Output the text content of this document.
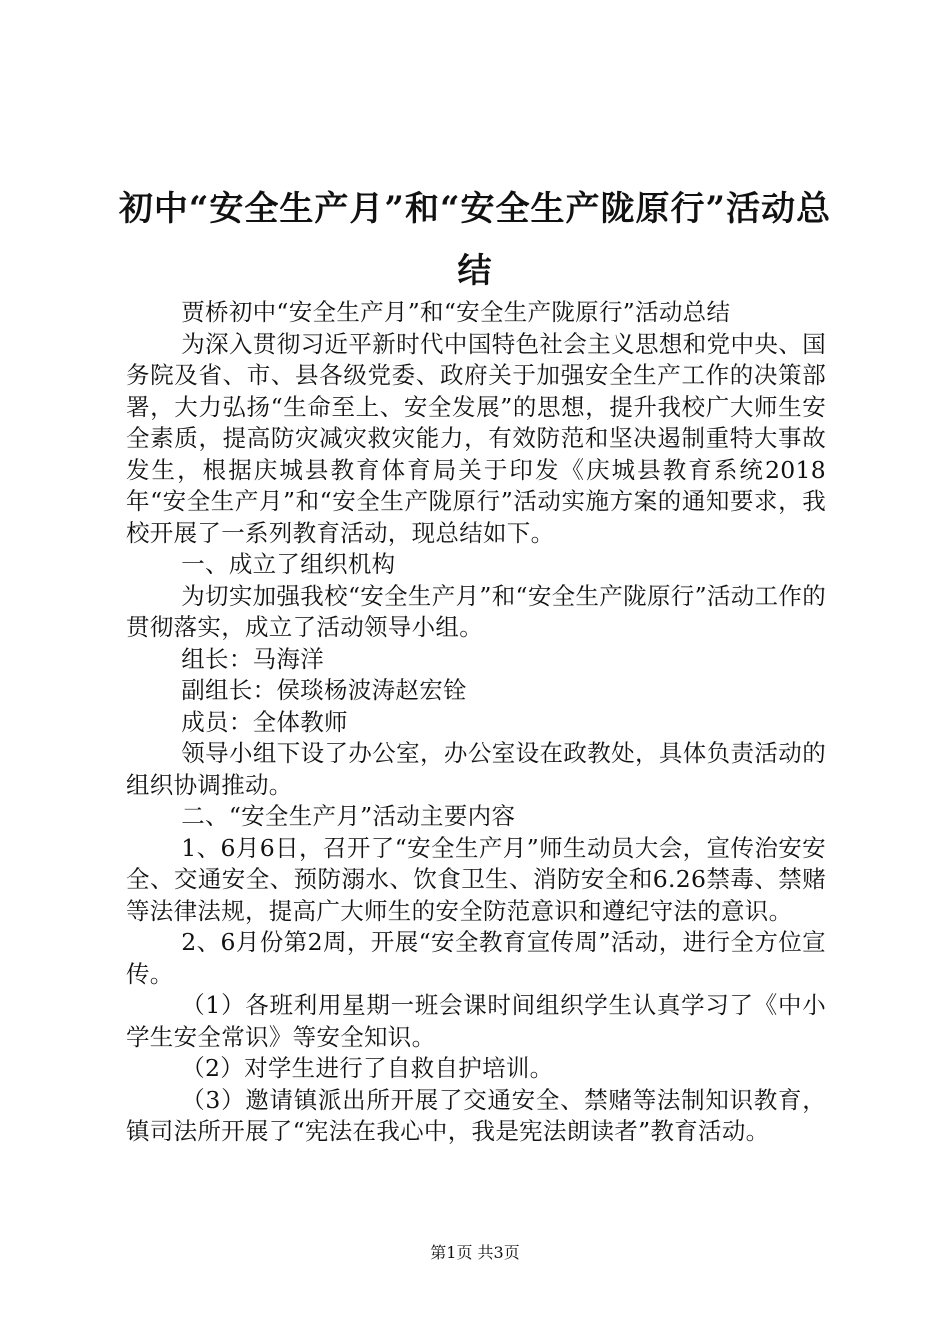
初中“安全生产月”和“安全生产陇原行”活动总结

贾桥初中“安全生产月”和“安全生产陇原行”活动总结

为深入贯彻习近平新时代中国特色社会主义思想和党中央、国务院及省、市、县各级党委、政府关于加强安全生产工作的决策部署，大力弘扬“生命至上、安全发展”的思想，提升我校广大师生安全素质，提高防灾减灾救灾能力，有效防范和坚决遏制重特大事故发生，根据庆城县教育体育局关于印发《庆城县教育系统2018年“安全生产月”和“安全生产陇原行”活动实施方案的通知要求，我校开展了一系列教育活动，现总结如下。

一、成立了组织机构

为切实加强我校“安全生产月”和“安全生产陇原行”活动工作的贯彻落实，成立了活动领导小组。

组长：马海洋

副组长：侯琰杨波涛赵宏铨

成员：全体教师

领导小组下设了办公室，办公室设在政教处，具体负责活动的组织协调推动。

二、“安全生产月”活动主要内容

1、6月6日，召开了“安全生产月”师生动员大会，宣传治安安全、交通安全、预防溺水、饮食卫生、消防安全和6.26禁毒、禁赌等法律法规，提高广大师生的安全防范意识和遵纪守法的意识。

2、6月份第2周，开展“安全教育宣传周”活动，进行全方位宣传。

（1）各班利用星期一班会课时间组织学生认真学习了《中小学生安全常识》等安全知识。

（2）对学生进行了自救自护培训。

（3）邀请镇派出所开展了交通安全、禁赌等法制知识教育，镇司法所开展了“宪法在我心中，我是宪法朗读者”教育活动。

第1页 共3页
